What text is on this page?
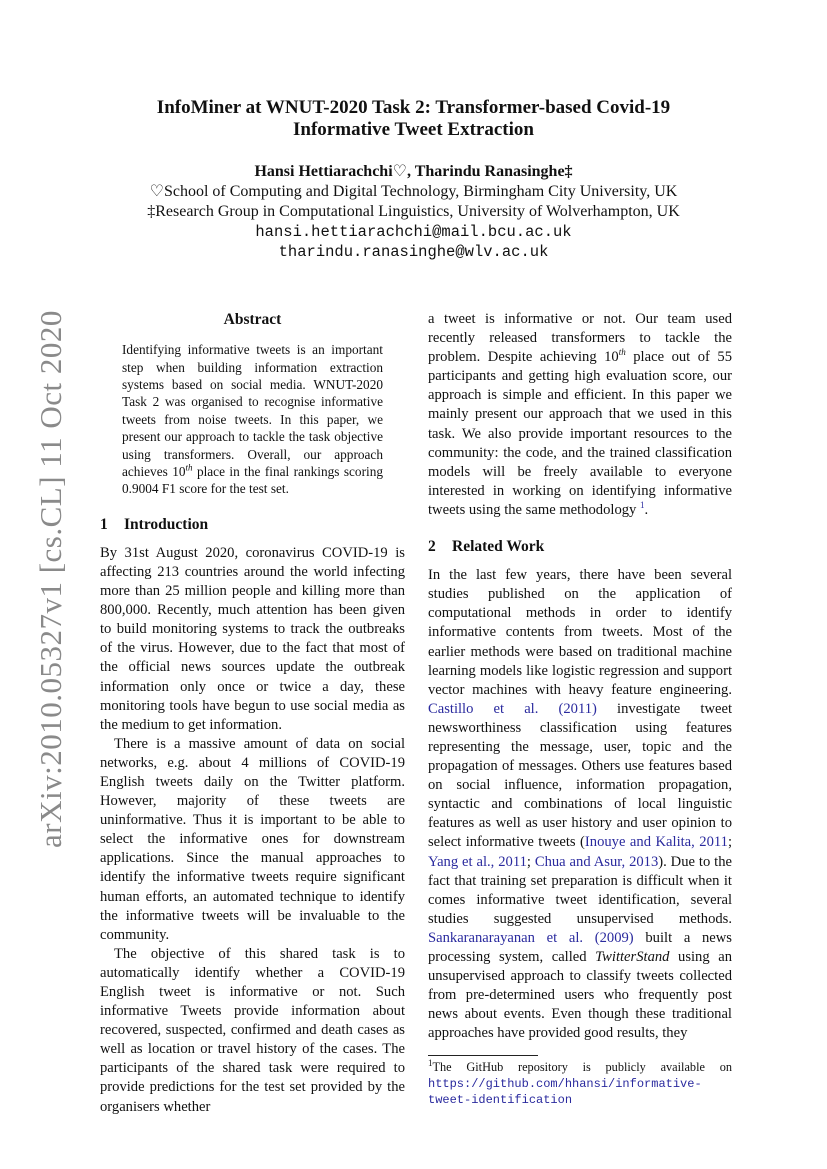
arXiv:2010.05327v1 [cs.CL] 11 Oct 2020
InfoMiner at WNUT-2020 Task 2: Transformer-based Covid-19
Informative Tweet Extraction
Hansi Hettiarachchi♡, Tharindu Ranasinghe‡
♡School of Computing and Digital Technology, Birmingham City University, UK
‡Research Group in Computational Linguistics, University of Wolverhampton, UK
hansi.hettiarachchi@mail.bcu.ac.uk
tharindu.ranasinghe@wlv.ac.uk
Abstract
Identifying informative tweets is an important step when building information extraction systems based on social media. WNUT-2020 Task 2 was organised to recognise informative tweets from noise tweets. In this paper, we present our approach to tackle the task objective using transformers. Overall, our approach achieves 10th place in the final rankings scoring 0.9004 F1 score for the test set.
1 Introduction

By 31st August 2020, coronavirus COVID-19 is affecting 213 countries around the world infecting more than 25 million people and killing more than 800,000. Recently, much attention has been given to build monitoring systems to track the outbreaks of the virus. However, due to the fact that most of the official news sources update the outbreak information only once or twice a day, these monitoring tools have begun to use social media as the medium to get information.

There is a massive amount of data on social networks, e.g. about 4 millions of COVID-19 English tweets daily on the Twitter platform. However, majority of these tweets are uninformative. Thus it is important to be able to select the informative ones for downstream applications. Since the manual approaches to identify the informative tweets require significant human efforts, an automated technique to identify the informative tweets will be invaluable to the community.

The objective of this shared task is to automatically identify whether a COVID-19 English tweet is informative or not. Such informative Tweets provide information about recovered, suspected, confirmed and death cases as well as location or travel history of the cases. The participants of the shared task were required to provide predictions for the test set provided by the organisers whether

a tweet is informative or not. Our team used recently released transformers to tackle the problem. Despite achieving 10th place out of 55 participants and getting high evaluation score, our approach is simple and efficient. In this paper we mainly present our approach that we used in this task. We also provide important resources to the community: the code, and the trained classification models will be freely available to everyone interested in working on identifying informative tweets using the same methodology $^1$.

2 Related Work

In the last few years, there have been several studies published on the application of computational methods in order to identify informative contents from tweets. Most of the earlier methods were based on traditional machine learning models like logistic regression and support vector machines with heavy feature engineering. Castillo et al. (2011) investigate tweet newsworthiness classification using features representing the message, user, topic and the propagation of messages. Others use features based on social influence, information propagation, syntactic and combinations of local linguistic features as well as user history and user opinion to select informative tweets (Inouye and Kalita, 2011; Yang et al., 2011; Chua and Asur, 2013). Due to the fact that training set preparation is difficult when it comes informative tweet identification, several studies suggested unsupervised methods. Sankaranarayanan et al. (2009) built a news processing system, called TwitterStand using an unsupervised approach to classify tweets collected from pre-determined users who frequently post news about events. Even though these traditional approaches have provided good results, they

$^1$The GitHub repository is publicly available on https://github.com/hhansi/informative-tweet-identification
